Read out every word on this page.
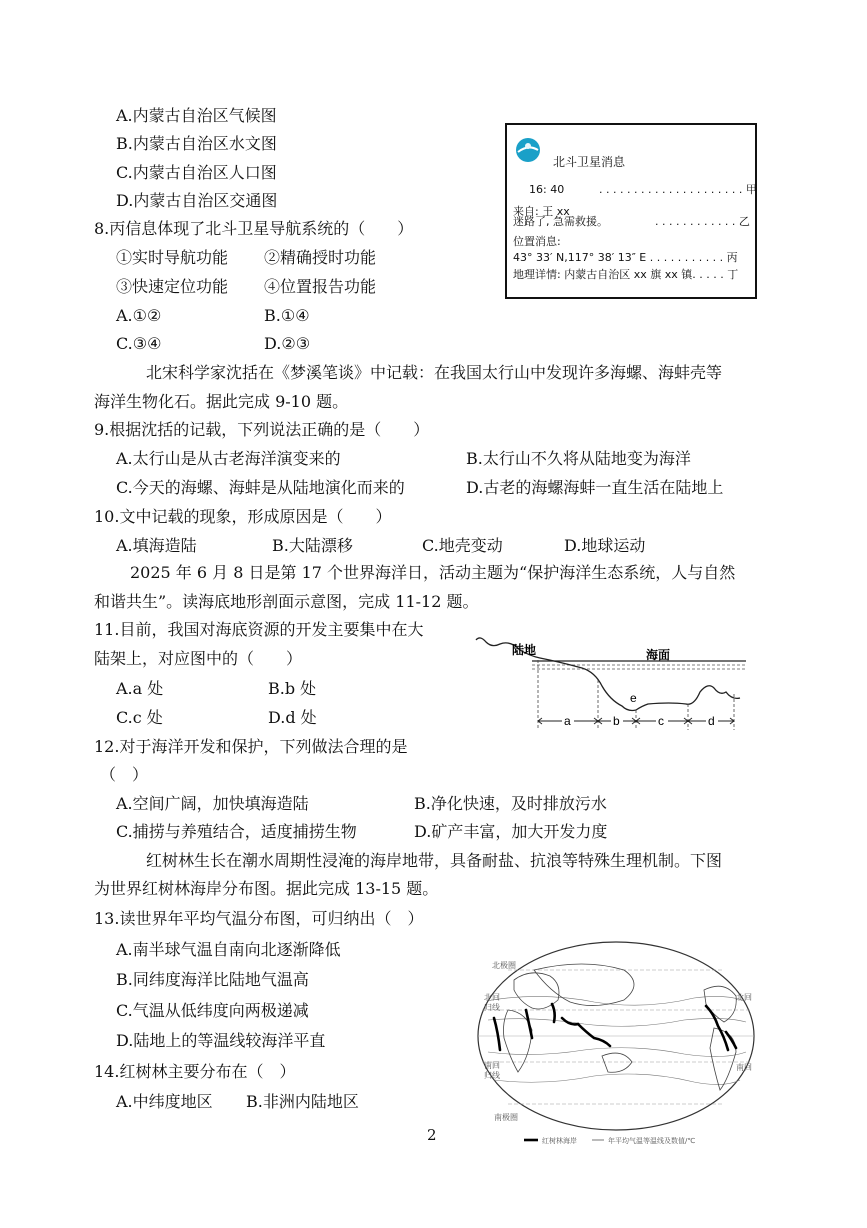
A.内蒙古自治区气候图
B.内蒙古自治区水文图
C.内蒙古自治区人口图
D.内蒙古自治区交通图
北斗卫星消息
16: 40	. . . . . . . . . . . . . . . . . . . . . 甲
来自: 王 xx
迷路了, 急需救援。	. . . . . . . . . . . . 乙
位置消息:
43° 33′ N,117° 38′ 13″ E . . . . . . . . . . . 丙
地理详情: 内蒙古自治区 xx 旗 xx 镇. . . . . 丁
8.丙信息体现了北斗卫星导航系统的（　　）
①实时导航功能 ②精确授时功能
③快速定位功能 ④位置报告功能
A.①②	B.①④
C.③④	D.②③
北宋科学家沈括在《梦溪笔谈》中记载：在我国太行山中发现许多海螺、海蚌壳等
海洋生物化石。据此完成 9-10 题。
9.根据沈括的记载，下列说法正确的是（　　）
A.太行山是从古老海洋演变来的	B.太行山不久将从陆地变为海洋
C.今天的海螺、海蚌是从陆地演化而来的	D.古老的海螺海蚌一直生活在陆地上
10.文中记载的现象，形成原因是（　　）
A.填海造陆	B.大陆漂移	C.地壳变动	D.地球运动
2025 年 6 月 8 日是第 17 个世界海洋日，活动主题为“保护海洋生态系统，人与自然
和谐共生”。读海底地形剖面示意图，完成 11-12 题。
11.目前，我国对海底资源的开发主要集中在大
陆架上，对应图中的（　　）
A.a 处	B.b 处
C.c 处	D.d 处	a	b	c	d
e
陆地	海面
12.对于海洋开发和保护，下列做法合理的是
（　）
A.空间广阔，加快填海造陆	B.净化快速，及时排放污水
C.捕捞与养殖结合，适度捕捞生物	D.矿产丰富，加大开发力度
红树林生长在潮水周期性浸淹的海岸地带，具备耐盐、抗浪等特殊生理机制。下图
为世界红树林海岸分布图。据此完成 13-15 题。
13.读世界年平均气温分布图，可归纳出（　）
A.南半球气温自南向北逐渐降低
B.同纬度海洋比陆地气温高
C.气温从低纬度向两极递减
D.陆地上的等温线较海洋平直
14.红树林主要分布在（　）
A.中纬度地区 B.非洲内陆地区
北极圈
南极圈
北回
归线
南回
归线
北回
南回
红树林海岸	年平均气温等温线及数值/℃
2
